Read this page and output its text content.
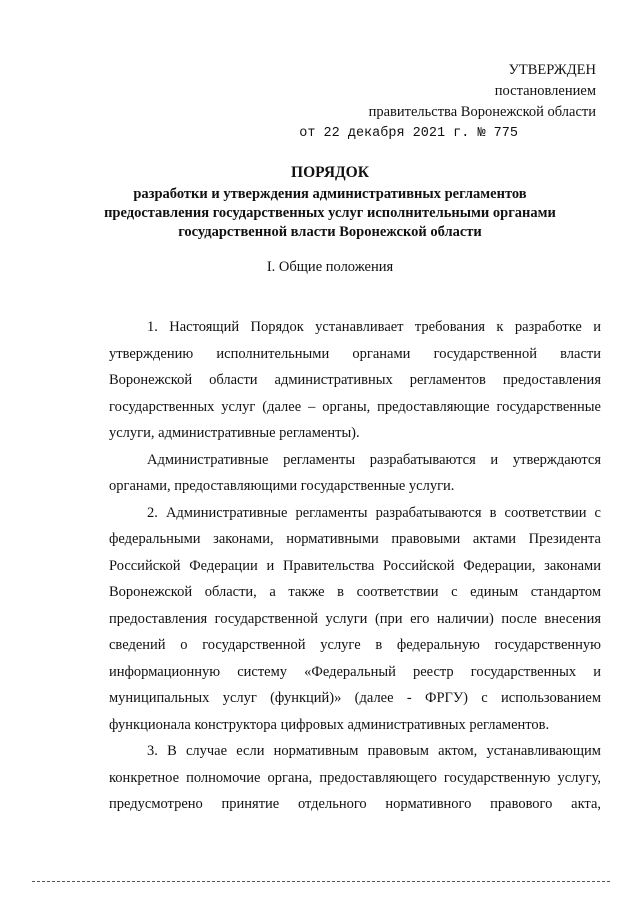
УТВЕРЖДЕН
постановлением
правительства Воронежской области
от 22 декабря 2021 г. № 775
ПОРЯДОК
разработки и утверждения административных регламентов
предоставления государственных услуг исполнительными органами
государственной власти Воронежской области
I. Общие положения

1. Настоящий Порядок устанавливает требования к разработке и утверждению исполнительными органами государственной власти Воронежской области административных регламентов предоставления государственных услуг (далее – органы, предоставляющие государственные услуги, административные регламенты).

Административные регламенты разрабатываются и утверждаются органами, предоставляющими государственные услуги.

2. Административные регламенты разрабатываются в соответствии с федеральными законами, нормативными правовыми актами Президента Российской Федерации и Правительства Российской Федерации, законами Воронежской области, а также в соответствии с единым стандартом предоставления государственной услуги (при его наличии) после внесения сведений о государственной услуге в федеральную государственную информационную систему «Федеральный реестр государственных и муниципальных услуг (функций)» (далее - ФРГУ) с использованием функционала конструктора цифровых административных регламентов.

3. В случае если нормативным правовым актом, устанавливающим конкретное полномочие органа, предоставляющего государственную услугу, предусмотрено принятие отдельного нормативного правового акта,
